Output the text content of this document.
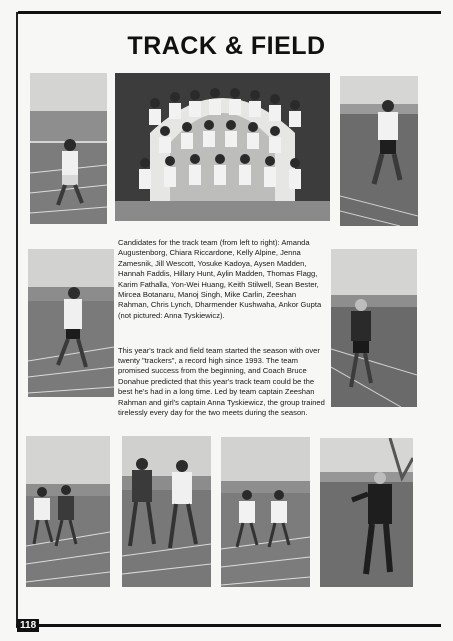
TRACK & FIELD

Candidates for the track team (from left to right): Amanda Augustenborg, Chiara Riccardone, Kelly Alpine, Jenna Zamesnik, Jill Wescott, Yosuke Kadoya, Aysen Madden, Hannah Faddis, Hillary Hunt, Aylin Madden, Thomas Flagg, Karim Fathalla, Yon-Wei Huang, Keith Stilwell, Sean Bester, Mircea Botanaru, Manoj Singh, Mike Carlin, Zeeshan Rahman, Chris Lynch, Dharmender Kushwaha, Ankor Gupta (not pictured: Anna Tyskiewicz).

This year's track and field team started the season with over twenty "trackers", a record high since 1993. The team promised success from the beginning, and Coach Bruce Donahue predicted that this year's track team could be the best he's had in a long time. Led by team captain Zeeshan Rahman and girl's captain Anna Tyskiewicz, the group trained tirelessly every day for the two meets during the season.

118
